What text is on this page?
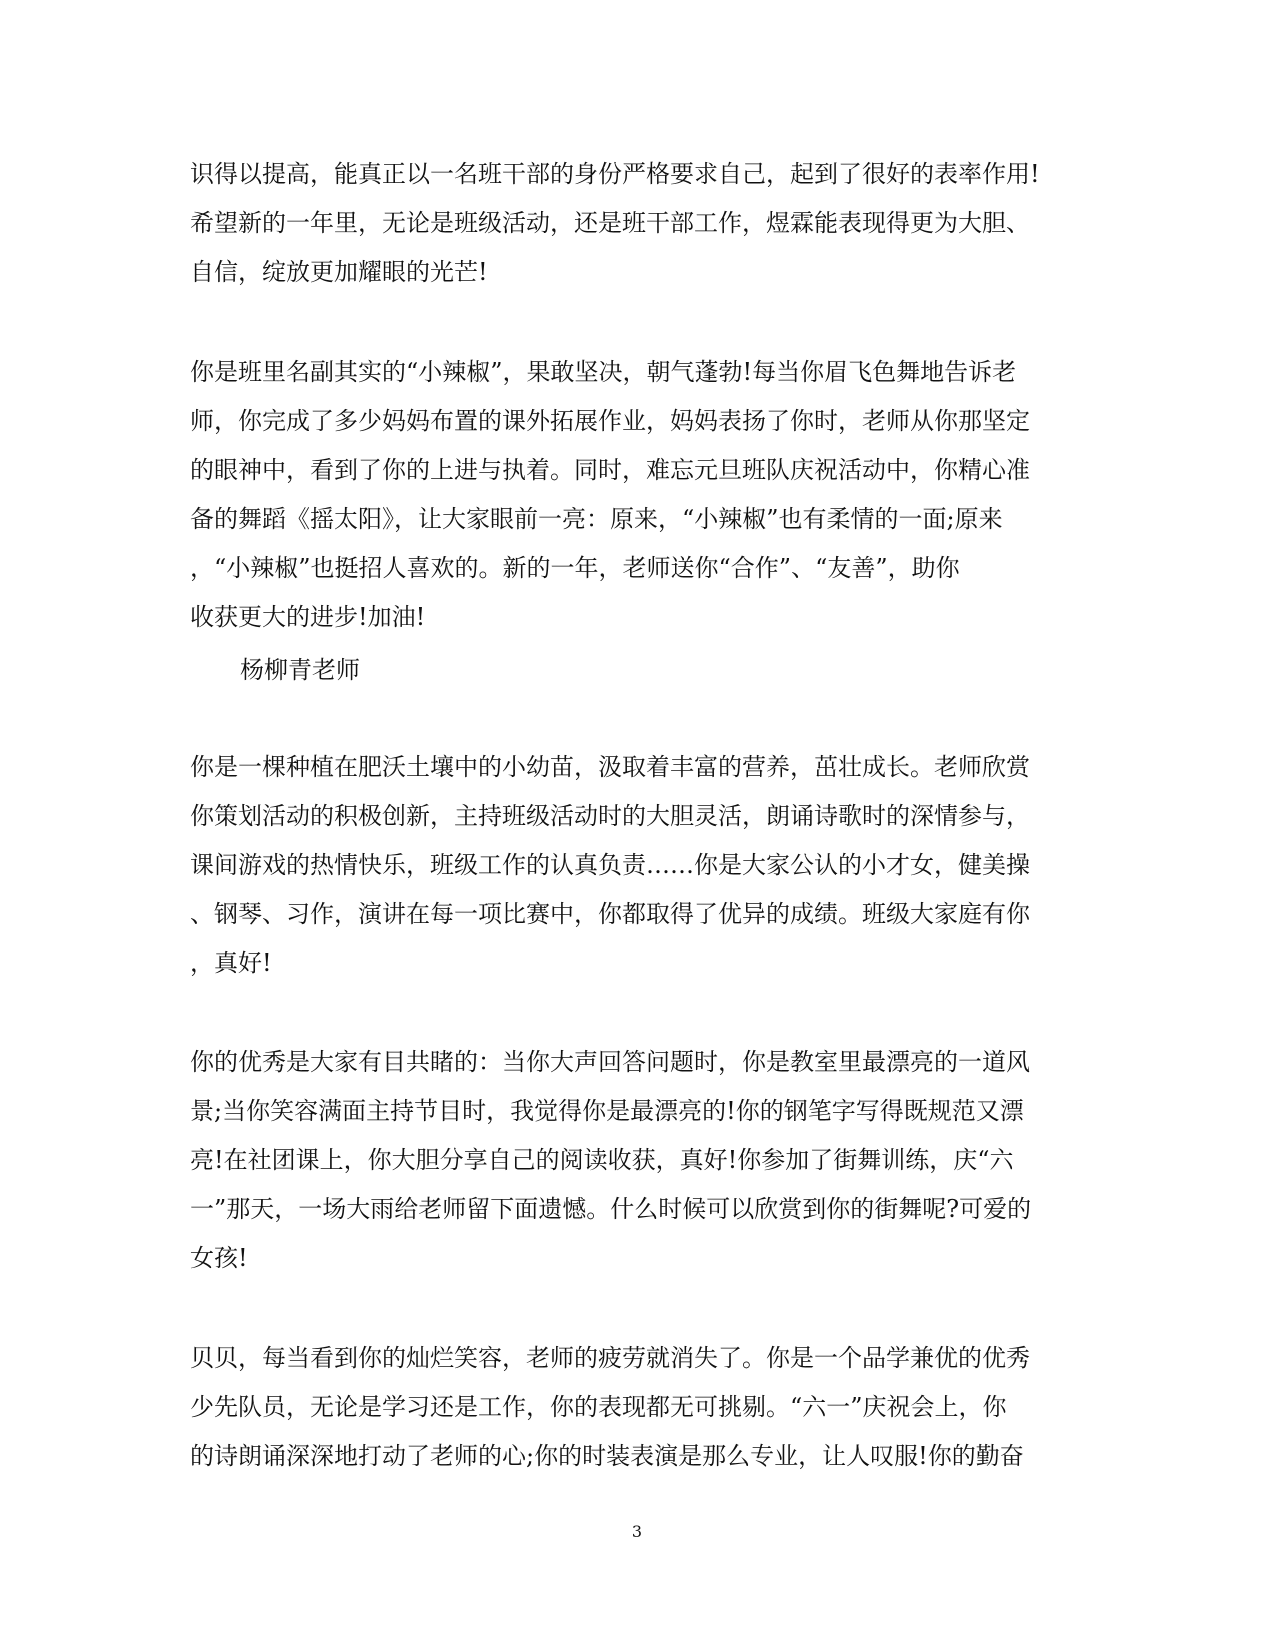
识得以提高，能真正以一名班干部的身份严格要求自己，起到了很好的表率作用!
希望新的一年里，无论是班级活动，还是班干部工作，煜霖能表现得更为大胆、
自信，绽放更加耀眼的光芒!
你是班里名副其实的“小辣椒”，果敢坚决，朝气蓬勃!每当你眉飞色舞地告诉老
师，你完成了多少妈妈布置的课外拓展作业，妈妈表扬了你时，老师从你那坚定
的眼神中，看到了你的上进与执着。同时，难忘元旦班队庆祝活动中，你精心准
备的舞蹈《摇太阳》，让大家眼前一亮：原来，“小辣椒”也有柔情的一面;原来
，“小辣椒”也挺招人喜欢的。新的一年，老师送你“合作”、“友善”，助你
收获更大的进步!加油!
杨柳青老师
你是一棵种植在肥沃土壤中的小幼苗，汲取着丰富的营养，茁壮成长。老师欣赏
你策划活动的积极创新，主持班级活动时的大胆灵活，朗诵诗歌时的深情参与，
课间游戏的热情快乐，班级工作的认真负责……你是大家公认的小才女，健美操
、钢琴、习作，演讲在每一项比赛中，你都取得了优异的成绩。班级大家庭有你
，真好!
你的优秀是大家有目共睹的：当你大声回答问题时，你是教室里最漂亮的一道风
景;当你笑容满面主持节目时，我觉得你是最漂亮的!你的钢笔字写得既规范又漂
亮!在社团课上，你大胆分享自己的阅读收获，真好!你参加了街舞训练，庆“六
一”那天，一场大雨给老师留下面遗憾。什么时候可以欣赏到你的街舞呢?可爱的
女孩!
贝贝，每当看到你的灿烂笑容，老师的疲劳就消失了。你是一个品学兼优的优秀
少先队员，无论是学习还是工作，你的表现都无可挑剔。“六一”庆祝会上，你
的诗朗诵深深地打动了老师的心;你的时装表演是那么专业，让人叹服!你的勤奋
3
